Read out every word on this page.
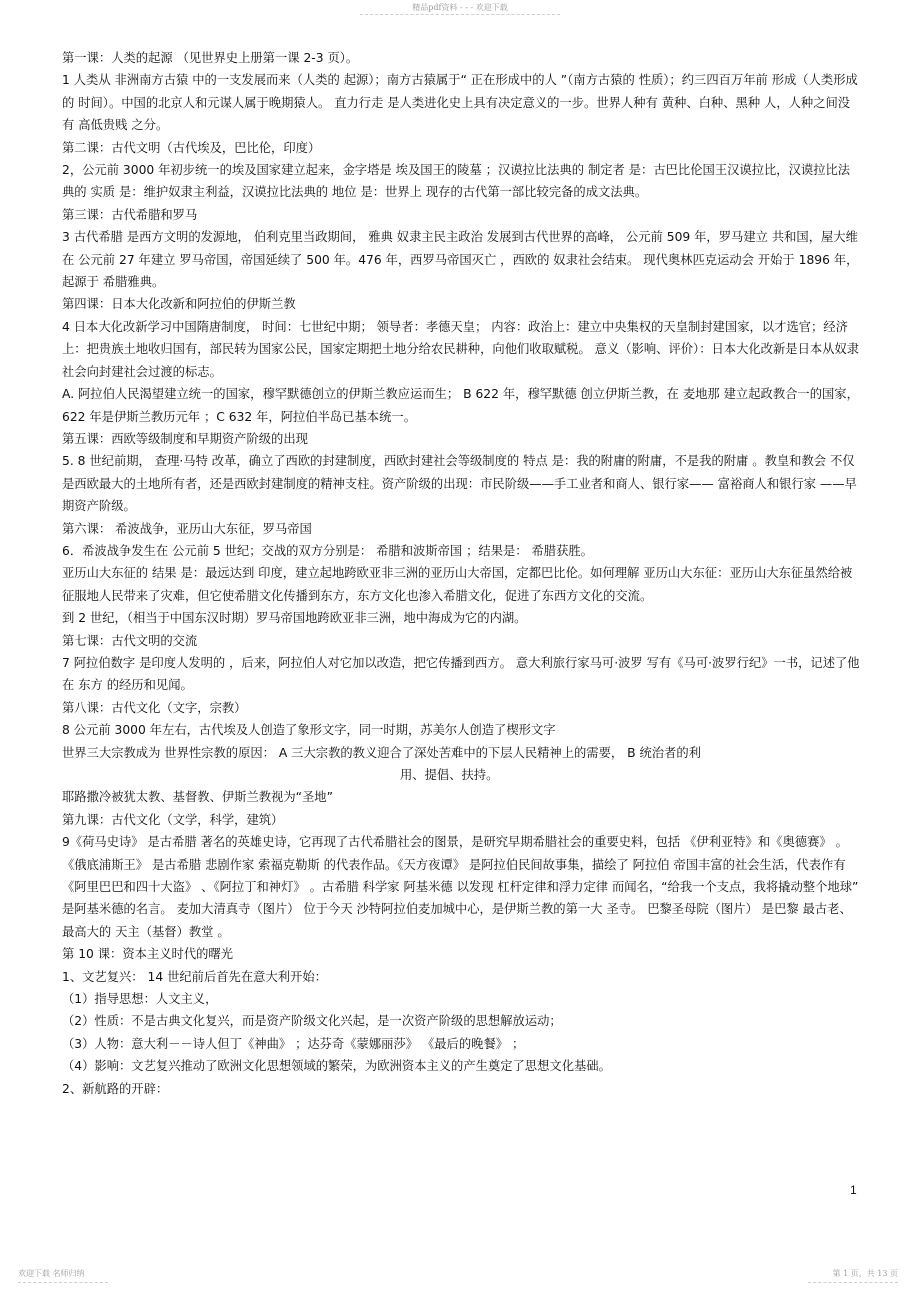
精品pdf资料 - - - 欢迎下载

第一课：人类的起源 （见世界史上册第一课 2-3 页）。

1 人类从 非洲南方古猿 中的一支发展而来（人类的 起源）；南方古猿属于“ 正在形成中的人 ”（南方古猿的 性质）；约三四百万年前 形成（人类形成的 时间）。中国的北京人和元谋人属于晚期猿人。 直力行走 是人类进化史上具有决定意义的一步。世界人种有 黄种、白种、黑种 人，人种之间没有 高低贵贱 之分。

第二课：古代文明（古代埃及，巴比伦，印度）

2，公元前 3000 年初步统一的埃及国家建立起来，金字塔是 埃及国王的陵墓 ；汉谟拉比法典的 制定者 是：古巴比伦国王汉谟拉比，汉谟拉比法典的 实质 是：维护奴隶主利益，汉谟拉比法典的 地位 是：世界上 现存的古代第一部比较完备的成文法典。

第三课：古代希腊和罗马

3 古代希腊 是西方文明的发源地， 伯利克里当政期间， 雅典 奴隶主民主政治 发展到古代世界的高峰， 公元前 509 年，罗马建立 共和国，屋大维在 公元前 27 年建立 罗马帝国，帝国延续了 500 年。476 年，西罗马帝国灭亡 ，西欧的 奴隶社会结束。 现代奥林匹克运动会 开始于 1896 年，起源于 希腊雅典。

第四课：日本大化改新和阿拉伯的伊斯兰教

4 日本大化改新学习中国隋唐制度， 时间：七世纪中期； 领导者：孝德天皇； 内容：政治上：建立中央集权的天皇制封建国家，以才选官；经济上：把贵族土地收归国有，部民转为国家公民，国家定期把土地分给农民耕种，向他们收取赋税。 意义（影响、评价）：日本大化改新是日本从奴隶社会向封建社会过渡的标志。

A. 阿拉伯人民渴望建立统一的国家，穆罕默德创立的伊斯兰教应运而生； B 622 年，穆罕默德 创立伊斯兰教，在 麦地那 建立起政教合一的国家， 622 年是伊斯兰教历元年 ；C 632 年，阿拉伯半岛已基本统一。

第五课：西欧等级制度和早期资产阶级的出现

5. 8 世纪前期， 查理·马特 改革，确立了西欧的封建制度，西欧封建社会等级制度的 特点 是：我的附庸的附庸，不是我的附庸 。教皇和教会 不仅是西欧最大的土地所有者，还是西欧封建制度的精神支柱。资产阶级的出现：市民阶级——手工业者和商人、银行家—— 富裕商人和银行家 ——早期资产阶级。

第六课： 希波战争，亚历山大东征，罗马帝国

6．希波战争发生在 公元前 5 世纪；交战的双方分别是： 希腊和波斯帝国 ；结果是： 希腊获胜。

亚历山大东征的 结果 是：最远达到 印度，建立起地跨欧亚非三洲的亚历山大帝国，定都巴比伦。如何理解 亚历山大东征：亚历山大东征虽然给被征服地人民带来了灾难，但它使希腊文化传播到东方，东方文化也渗入希腊文化，促进了东西方文化的交流。

到 2 世纪，（相当于中国东汉时期）罗马帝国地跨欧亚非三洲，地中海成为它的内湖。

第七课：古代文明的交流

7 阿拉伯数字 是印度人发明的 ，后来，阿拉伯人对它加以改造，把它传播到西方。 意大利旅行家马可·波罗 写有《马可·波罗行纪》一书，记述了他在 东方 的经历和见闻。

第八课：古代文化（文字，宗教）

8 公元前 3000 年左右，古代埃及人创造了象形文字，同一时期，苏美尔人创造了楔形文字

世界三大宗教成为 世界性宗教的原因： A 三大宗教的教义迎合了深处苦难中的下层人民精神上的需要， B 统治者的利

用、提倡、扶持。

耶路撒冷被犹太教、基督教、伊斯兰教视为“圣地”

第九课：古代文化（文学，科学，建筑）

9《荷马史诗》 是古希腊 著名的英雄史诗，它再现了古代希腊社会的图景，是研究早期希腊社会的重要史料，包括 《伊利亚特》和《奥德赛》 。《俄底浦斯王》 是古希腊 悲剧作家 索福克勒斯 的代表作品。《天方夜谭》 是阿拉伯民间故事集，描绘了 阿拉伯 帝国丰富的社会生活，代表作有 《阿里巴巴和四十大盗》 、《阿拉丁和神灯》 。古希腊 科学家 阿基米德 以发现 杠杆定律和浮力定律 而闻名，“给我一个支点，我将撬动整个地球” 是阿基米德的名言。 麦加大清真寺（图片） 位于今天 沙特阿拉伯麦加城中心，是伊斯兰教的第一大 圣寺。 巴黎圣母院（图片） 是巴黎 最古老、最高大的 天主（基督）教堂 。

第 10 课：资本主义时代的曙光

1、文艺复兴： 14 世纪前后首先在意大利开始：

（1）指导思想：人文主义，

（2）性质：不是古典文化复兴，而是资产阶级文化兴起，是一次资产阶级的思想解放运动；

（3）人物：意大利－－诗人但丁《神曲》 ；达芬奇《蒙娜丽莎》 《最后的晚餐》 ；

（4）影响：文艺复兴推动了欧洲文化思想领域的繁荣，为欧洲资本主义的产生奠定了思想文化基础。

2、新航路的开辟：

1
欢迎下载 名师归纳	第 1 页，共 13 页
